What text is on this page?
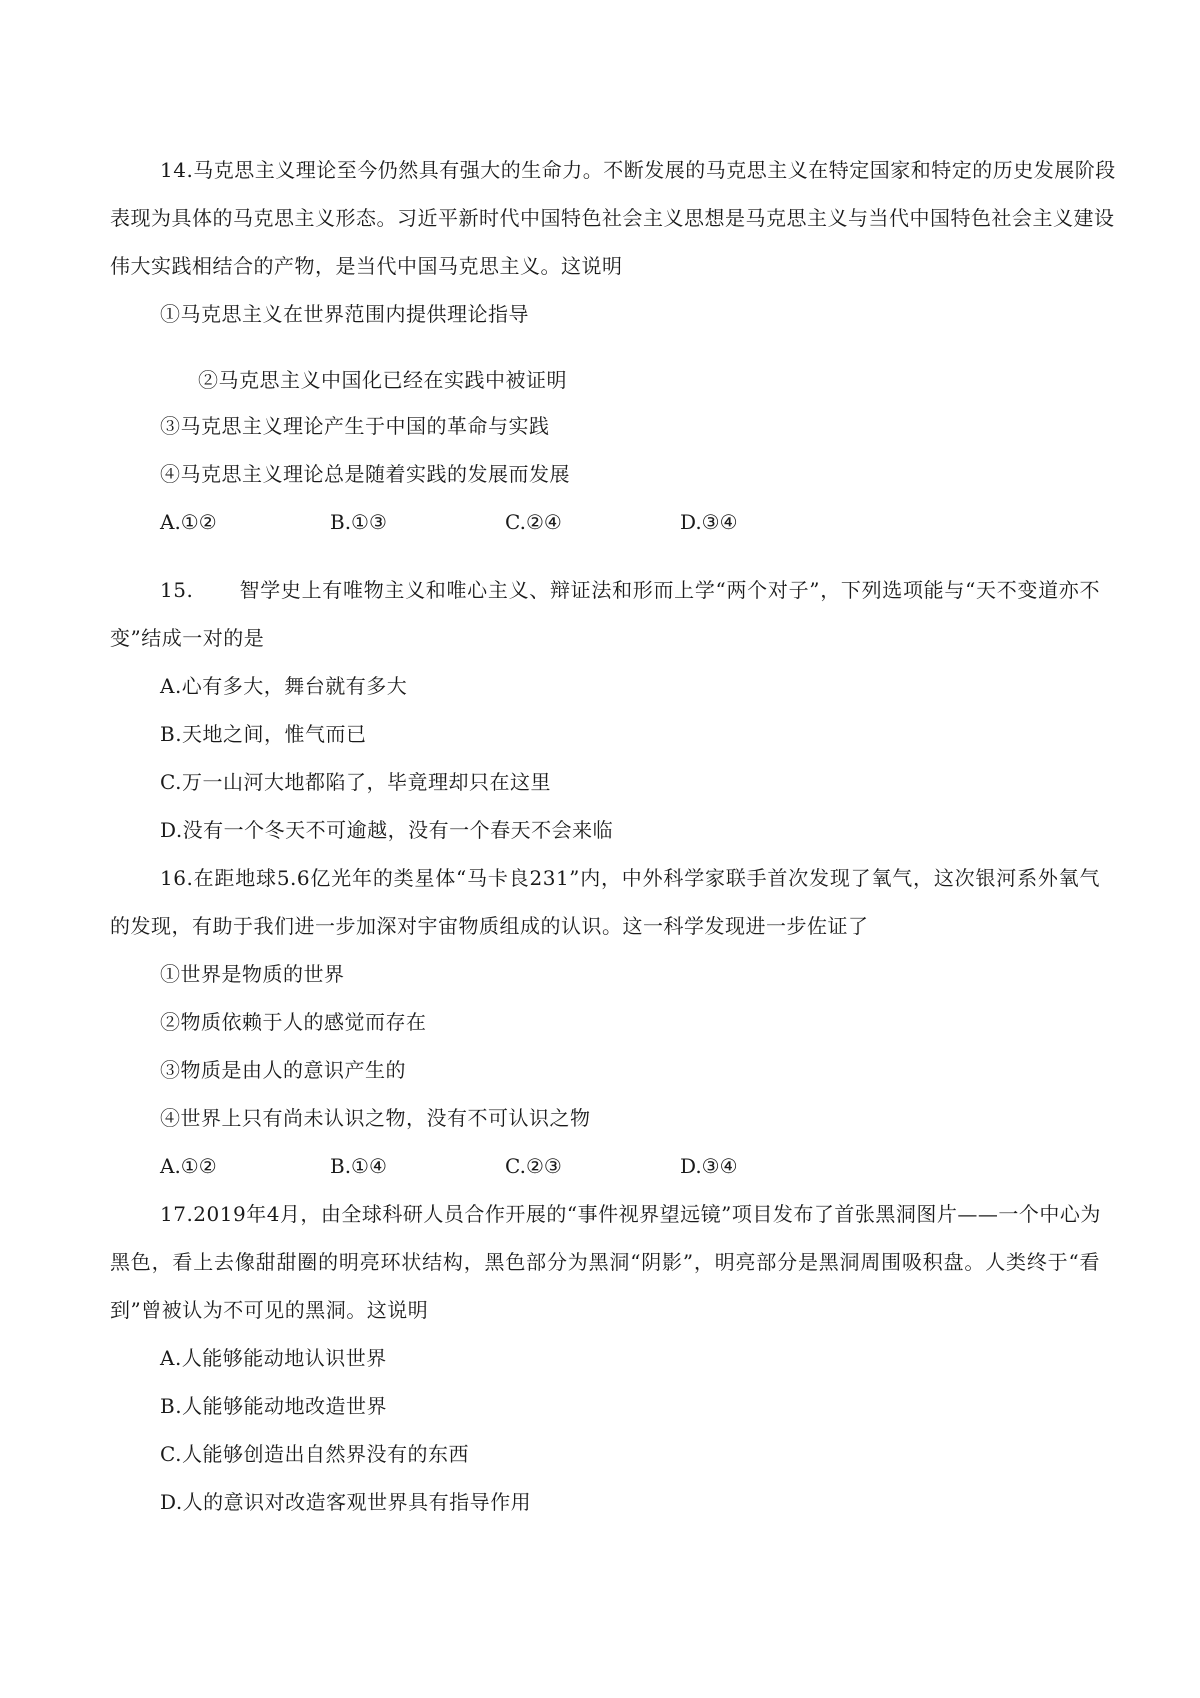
14.马克思主义理论至今仍然具有强大的生命力。不断发展的马克思主义在特定国家和特定的历史发展阶段
表现为具体的马克思主义形态。习近平新时代中国特色社会主义思想是马克思主义与当代中国特色社会主义建设
伟大实践相结合的产物，是当代中国马克思主义。这说明
①马克思主义在世界范围内提供理论指导
②马克思主义中国化已经在实践中被证明
③马克思主义理论产生于中国的革命与实践
④马克思主义理论总是随着实践的发展而发展
A.①②	B.①③	C.②④	D.③④
15. 智学史上有唯物主义和唯心主义、辩证法和形而上学“两个对子”，下列选项能与“天不变道亦不
变”结成一对的是
A.心有多大，舞台就有多大
B.天地之间，惟气而已
C.万一山河大地都陷了，毕竟理却只在这里
D.没有一个冬天不可逾越，没有一个春天不会来临
16.在距地球5.6亿光年的类星体“马卡良231”内，中外科学家联手首次发现了氧气，这次银河系外氧气
的发现，有助于我们进一步加深对宇宙物质组成的认识。这一科学发现进一步佐证了
①世界是物质的世界
②物质依赖于人的感觉而存在
③物质是由人的意识产生的
④世界上只有尚未认识之物，没有不可认识之物
A.①②	B.①④	C.②③	D.③④
17.2019年4月，由全球科研人员合作开展的“事件视界望远镜”项目发布了首张黑洞图片——一个中心为
黑色，看上去像甜甜圈的明亮环状结构，黑色部分为黑洞“阴影”，明亮部分是黑洞周围吸积盘。人类终于“看
到”曾被认为不可见的黑洞。这说明
A.人能够能动地认识世界
B.人能够能动地改造世界
C.人能够创造出自然界没有的东西
D.人的意识对改造客观世界具有指导作用
